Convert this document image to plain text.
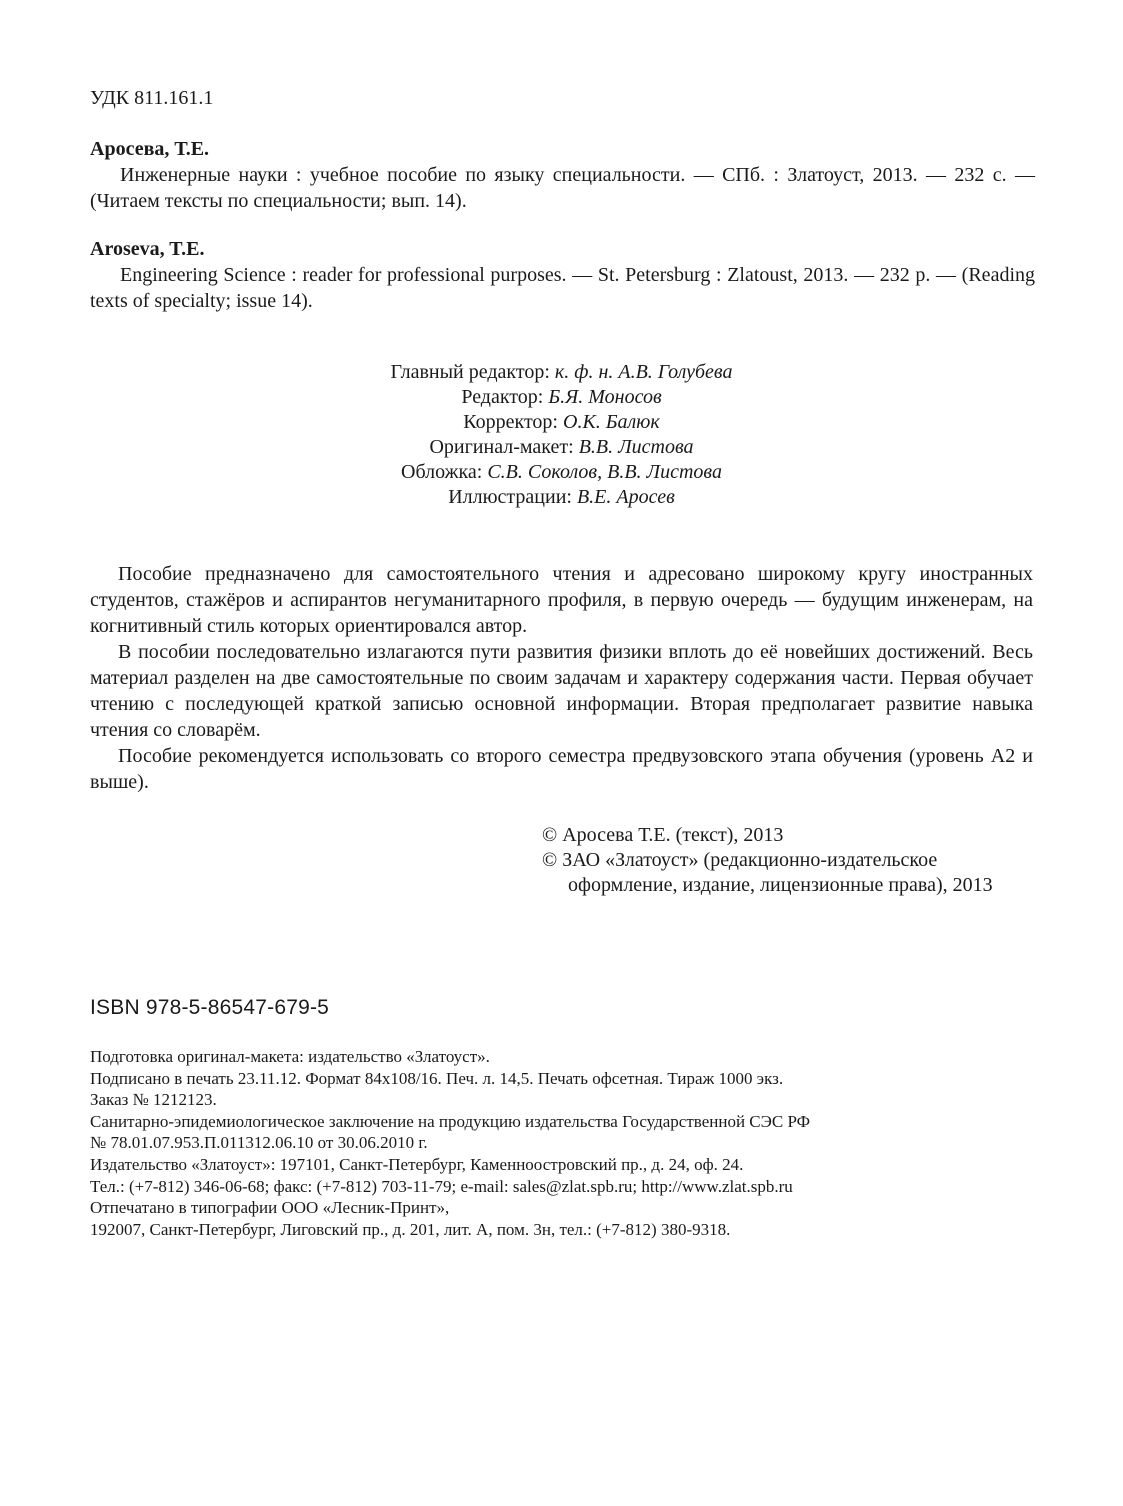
УДК 811.161.1
Аросева, Т.Е.
Инженерные науки : учебное пособие по языку специальности. — СПб. : Златоуст, 2013. — 232 с. — (Читаем тексты по специальности; вып. 14).
Aroseva, T.E.
Engineering Science : reader for professional purposes. — St. Petersburg : Zlatoust, 2013. — 232 p. — (Reading texts of specialty; issue 14).
Главный редактор: к. ф. н. А.В. Голубева
Редактор: Б.Я. Моносов
Корректор: О.К. Балюк
Оригинал-макет: В.В. Листова
Обложка: С.В. Соколов, В.В. Листова
Иллюстрации: В.Е. Аросев

Пособие предназначено для самостоятельного чтения и адресовано широкому кругу иностранных студентов, стажёров и аспирантов негуманитарного профиля, в первую очередь — будущим инженерам, на когнитивный стиль которых ориентировался автор.

В пособии последовательно излагаются пути развития физики вплоть до её новейших достижений. Весь материал разделен на две самостоятельные по своим задачам и характеру содержания части. Первая обучает чтению с последующей краткой записью основной информации. Вторая предполагает развитие навыка чтения со словарём.

Пособие рекомендуется использовать со второго семестра предвузовского этапа обучения (уровень А2 и выше).

© Аросева Т.Е. (текст), 2013
© ЗАО «Златоуст» (редакционно-издательское оформление, издание, лицензионные права), 2013
ISBN 978-5-86547-679-5
Подготовка оригинал-макета: издательство «Златоуст».
Подписано в печать 23.11.12. Формат 84х108/16. Печ. л. 14,5. Печать офсетная. Тираж 1000 экз.
Заказ № 1212123.
Санитарно-эпидемиологическое заключение на продукцию издательства Государственной СЭС РФ
№ 78.01.07.953.П.011312.06.10 от 30.06.2010 г.
Издательство «Златоуст»: 197101, Санкт-Петербург, Каменноостровский пр., д. 24, оф. 24.
Тел.: (+7-812) 346-06-68; факс: (+7-812) 703-11-79; e-mail: sales@zlat.spb.ru; http://www.zlat.spb.ru
Отпечатано в типографии ООО «Лесник-Принт»,
192007, Санкт-Петербург, Лиговский пр., д. 201, лит. А, пом. 3н, тел.: (+7-812) 380-9318.
